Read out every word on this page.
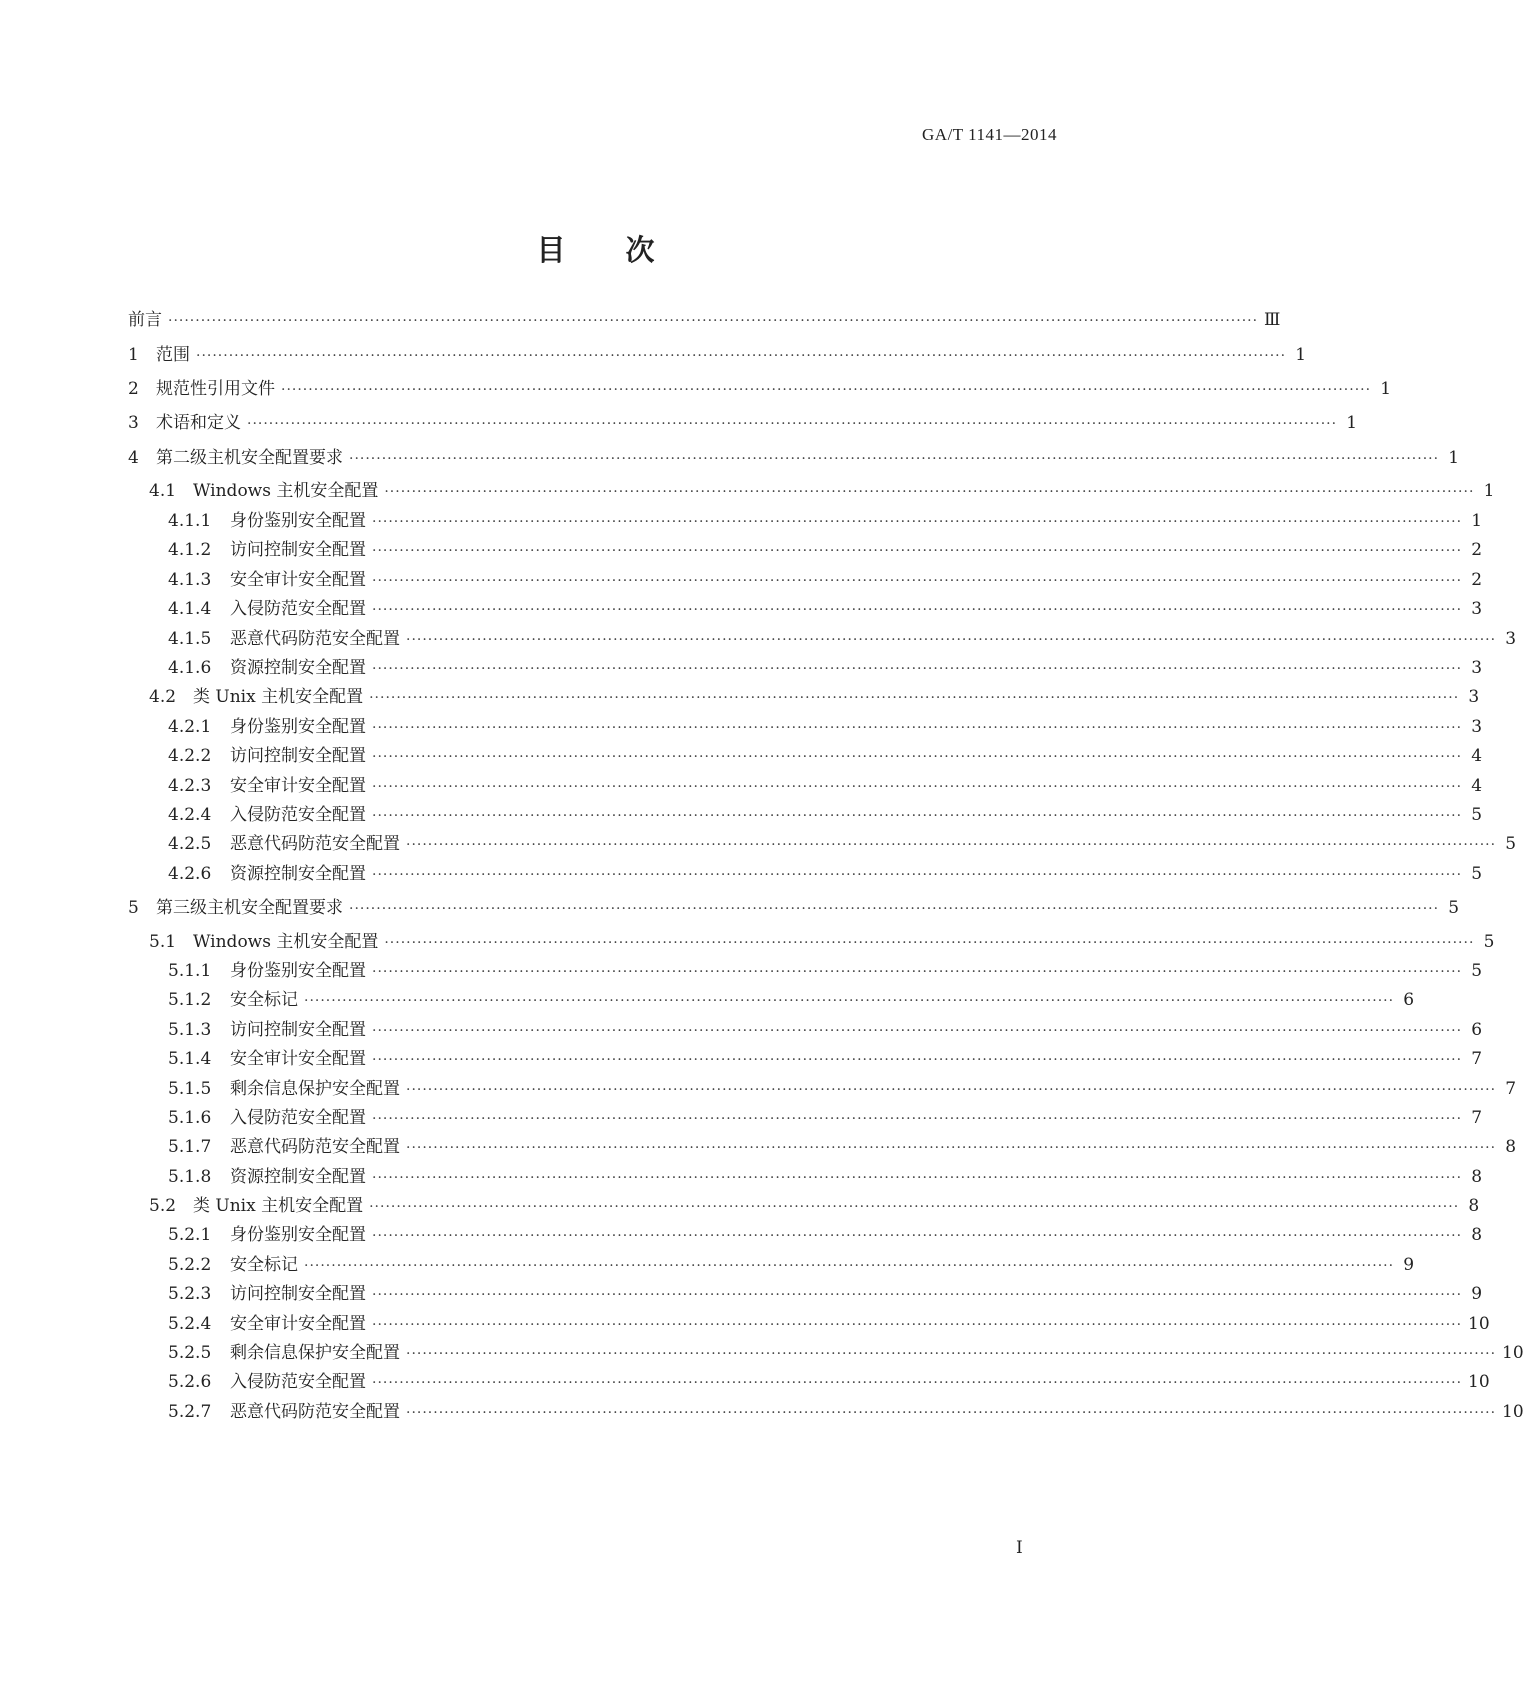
GA/T 1141—2014
目 次
前言 ········································································································································································································ Ⅲ
1	范围 ········································································································································································································ 1
2	规范性引用文件 ········································································································································································································ 1
3	术语和定义 ········································································································································································································ 1
4	第二级主机安全配置要求 ········································································································································································································ 1
4.1 Windows 主机安全配置 ········································································································································································································ 1
4.1.1	身份鉴别安全配置 ········································································································································································································ 1
4.1.2	访问控制安全配置 ········································································································································································································ 2
4.1.3	安全审计安全配置 ········································································································································································································ 2
4.1.4	入侵防范安全配置 ········································································································································································································ 3
4.1.5	恶意代码防范安全配置 ········································································································································································································ 3
4.1.6	资源控制安全配置 ········································································································································································································ 3
4.2 类 Unix 主机安全配置 ········································································································································································································ 3
4.2.1	身份鉴别安全配置 ········································································································································································································ 3
4.2.2	访问控制安全配置 ········································································································································································································ 4
4.2.3	安全审计安全配置 ········································································································································································································ 4
4.2.4	入侵防范安全配置 ········································································································································································································ 5
4.2.5	恶意代码防范安全配置 ········································································································································································································ 5
4.2.6	资源控制安全配置 ········································································································································································································ 5
5	第三级主机安全配置要求 ········································································································································································································ 5
5.1 Windows 主机安全配置 ········································································································································································································ 5
5.1.1	身份鉴别安全配置 ········································································································································································································ 5
5.1.2	安全标记 ········································································································································································································ 6
5.1.3	访问控制安全配置 ········································································································································································································ 6
5.1.4	安全审计安全配置 ········································································································································································································ 7
5.1.5	剩余信息保护安全配置 ········································································································································································································ 7
5.1.6	入侵防范安全配置 ········································································································································································································ 7
5.1.7	恶意代码防范安全配置 ········································································································································································································ 8
5.1.8	资源控制安全配置 ········································································································································································································ 8
5.2 类 Unix 主机安全配置 ········································································································································································································ 8
5.2.1	身份鉴别安全配置 ········································································································································································································ 8
5.2.2	安全标记 ········································································································································································································ 9
5.2.3	访问控制安全配置 ········································································································································································································ 9
5.2.4	安全审计安全配置 ········································································································································································································ 10
5.2.5	剩余信息保护安全配置 ········································································································································································································ 10
5.2.6	入侵防范安全配置 ········································································································································································································ 10
5.2.7	恶意代码防范安全配置 ········································································································································································································ 10
I
